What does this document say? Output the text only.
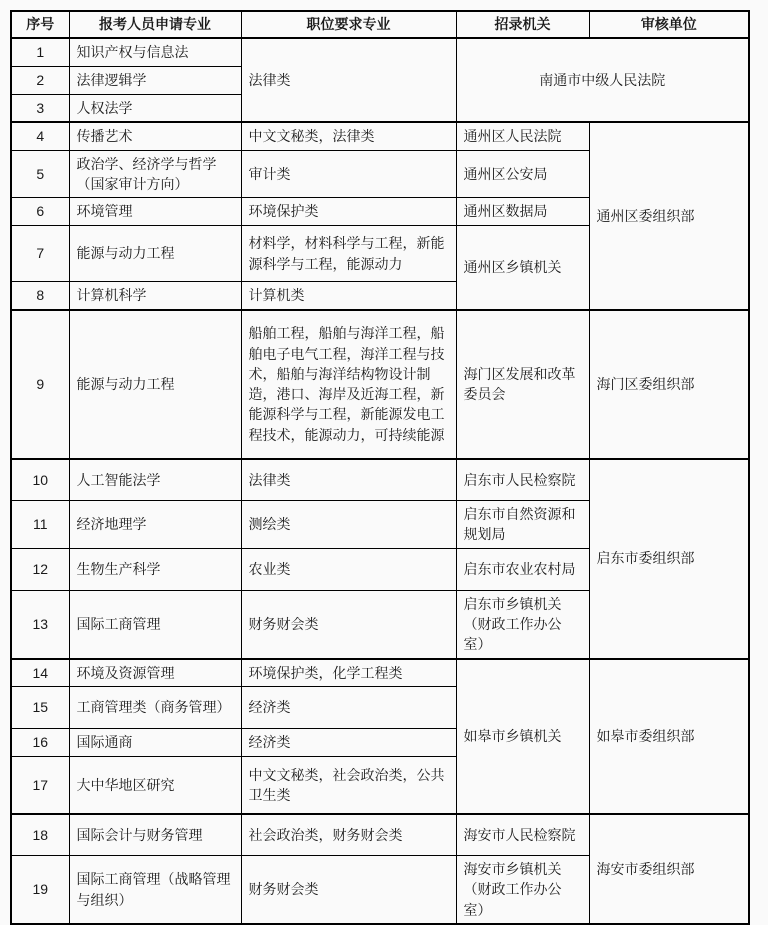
序号	报考人员申请专业	职位要求专业	招录机关	审核单位
1	知识产权与信息法	法律类	南通市中级人民法院	
2	法律逻辑学			
3	人权法学			
4	传播艺术	中文文秘类，法律类	通州区人民法院	通州区委组织部
5	政治学、经济学与哲学（国家审计方向）	审计类	通州区公安局	
6	环境管理	环境保护类	通州区数据局	
7	能源与动力工程	材料学，材料科学与工程，新能源科学与工程，能源动力	通州区乡镇机关	
8	计算机科学	计算机类		
9	能源与动力工程	船舶工程，船舶与海洋工程，船舶电子电气工程，海洋工程与技术，船舶与海洋结构物设计制造，港口、海岸及近海工程，新能源科学与工程，新能源发电工程技术，能源动力，可持续能源	海门区发展和改革委员会	海门区委组织部
10	人工智能法学	法律类	启东市人民检察院	启东市委组织部
11	经济地理学	测绘类	启东市自然资源和规划局	
12	生物生产科学	农业类	启东市农业农村局	
13	国际工商管理	财务财会类	启东市乡镇机关（财政工作办公室）	
14	环境及资源管理	环境保护类，化学工程类	如皋市乡镇机关	如皋市委组织部
15	工商管理类（商务管理）	经济类		
16	国际通商	经济类		
17	大中华地区研究	中文文秘类，社会政治类，公共卫生类		
18	国际会计与财务管理	社会政治类，财务财会类	海安市人民检察院	海安市委组织部
19	国际工商管理（战略管理与组织）	财务财会类	海安市乡镇机关（财政工作办公室）	
